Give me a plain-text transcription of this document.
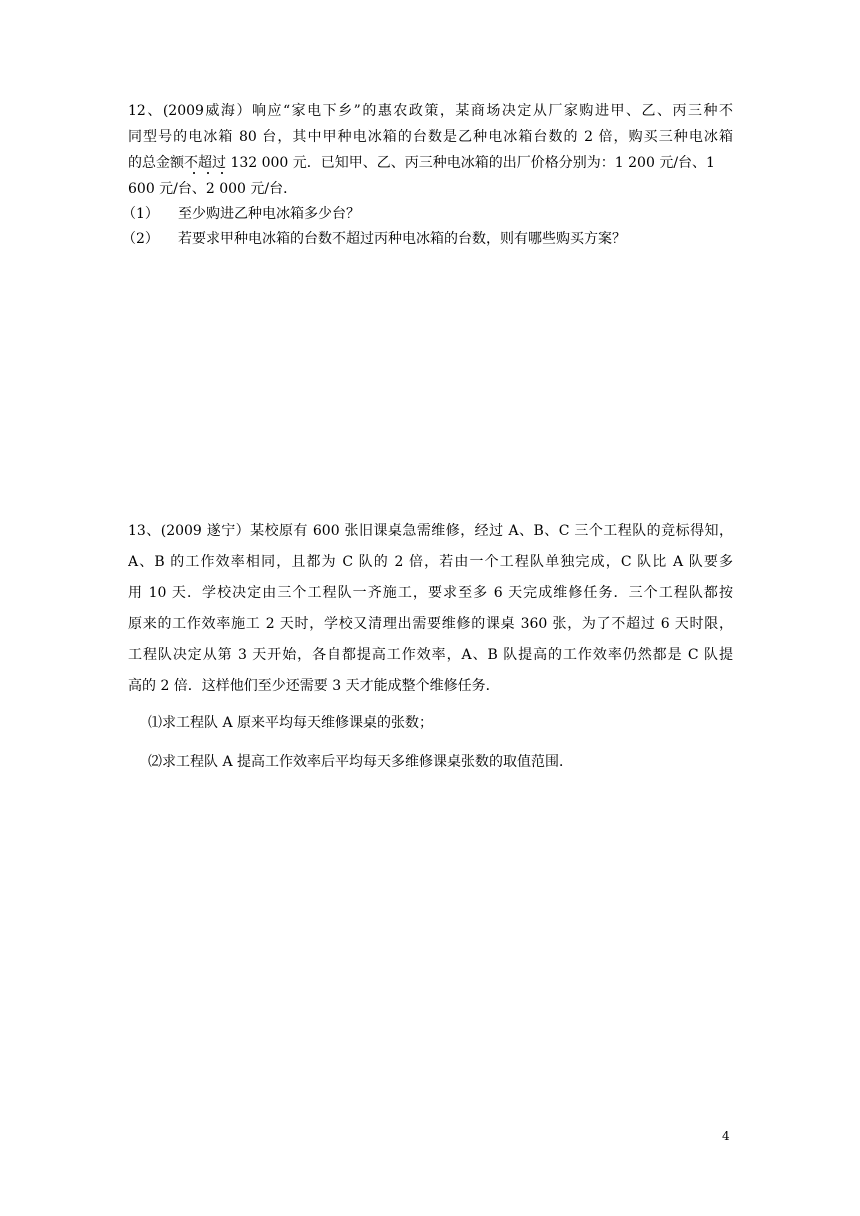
12、(2009威海）响应“家电下乡”的惠农政策，某商场决定从厂家购进甲、乙、丙三种不
同型号的电冰箱 80 台，其中甲种电冰箱的台数是乙种电冰箱台数的 2 倍，购买三种电冰箱
的总金额不超过 132 000 元．已知甲、乙、丙三种电冰箱的出厂价格分别为：1 200 元/台、1
600 元/台、2 000 元/台．
（1） 至少购进乙种电冰箱多少台？
（2） 若要求甲种电冰箱的台数不超过丙种电冰箱的台数，则有哪些购买方案？
13、(2009 遂宁）某校原有 600 张旧课桌急需维修，经过 A、B、C 三个工程队的竞标得知，
A、B 的工作效率相同，且都为 C 队的 2 倍，若由一个工程队单独完成，C 队比 A 队要多
用 10 天．学校决定由三个工程队一齐施工，要求至多 6 天完成维修任务．三个工程队都按
原来的工作效率施工 2 天时，学校又清理出需要维修的课桌 360 张，为了不超过 6 天时限，
工程队决定从第 3 天开始，各自都提高工作效率，A、B 队提高的工作效率仍然都是 C 队提
高的 2 倍．这样他们至少还需要 3 天才能成整个维修任务．
⑴求工程队 A 原来平均每天维修课桌的张数；
⑵求工程队 A 提高工作效率后平均每天多维修课桌张数的取值范围．
4
